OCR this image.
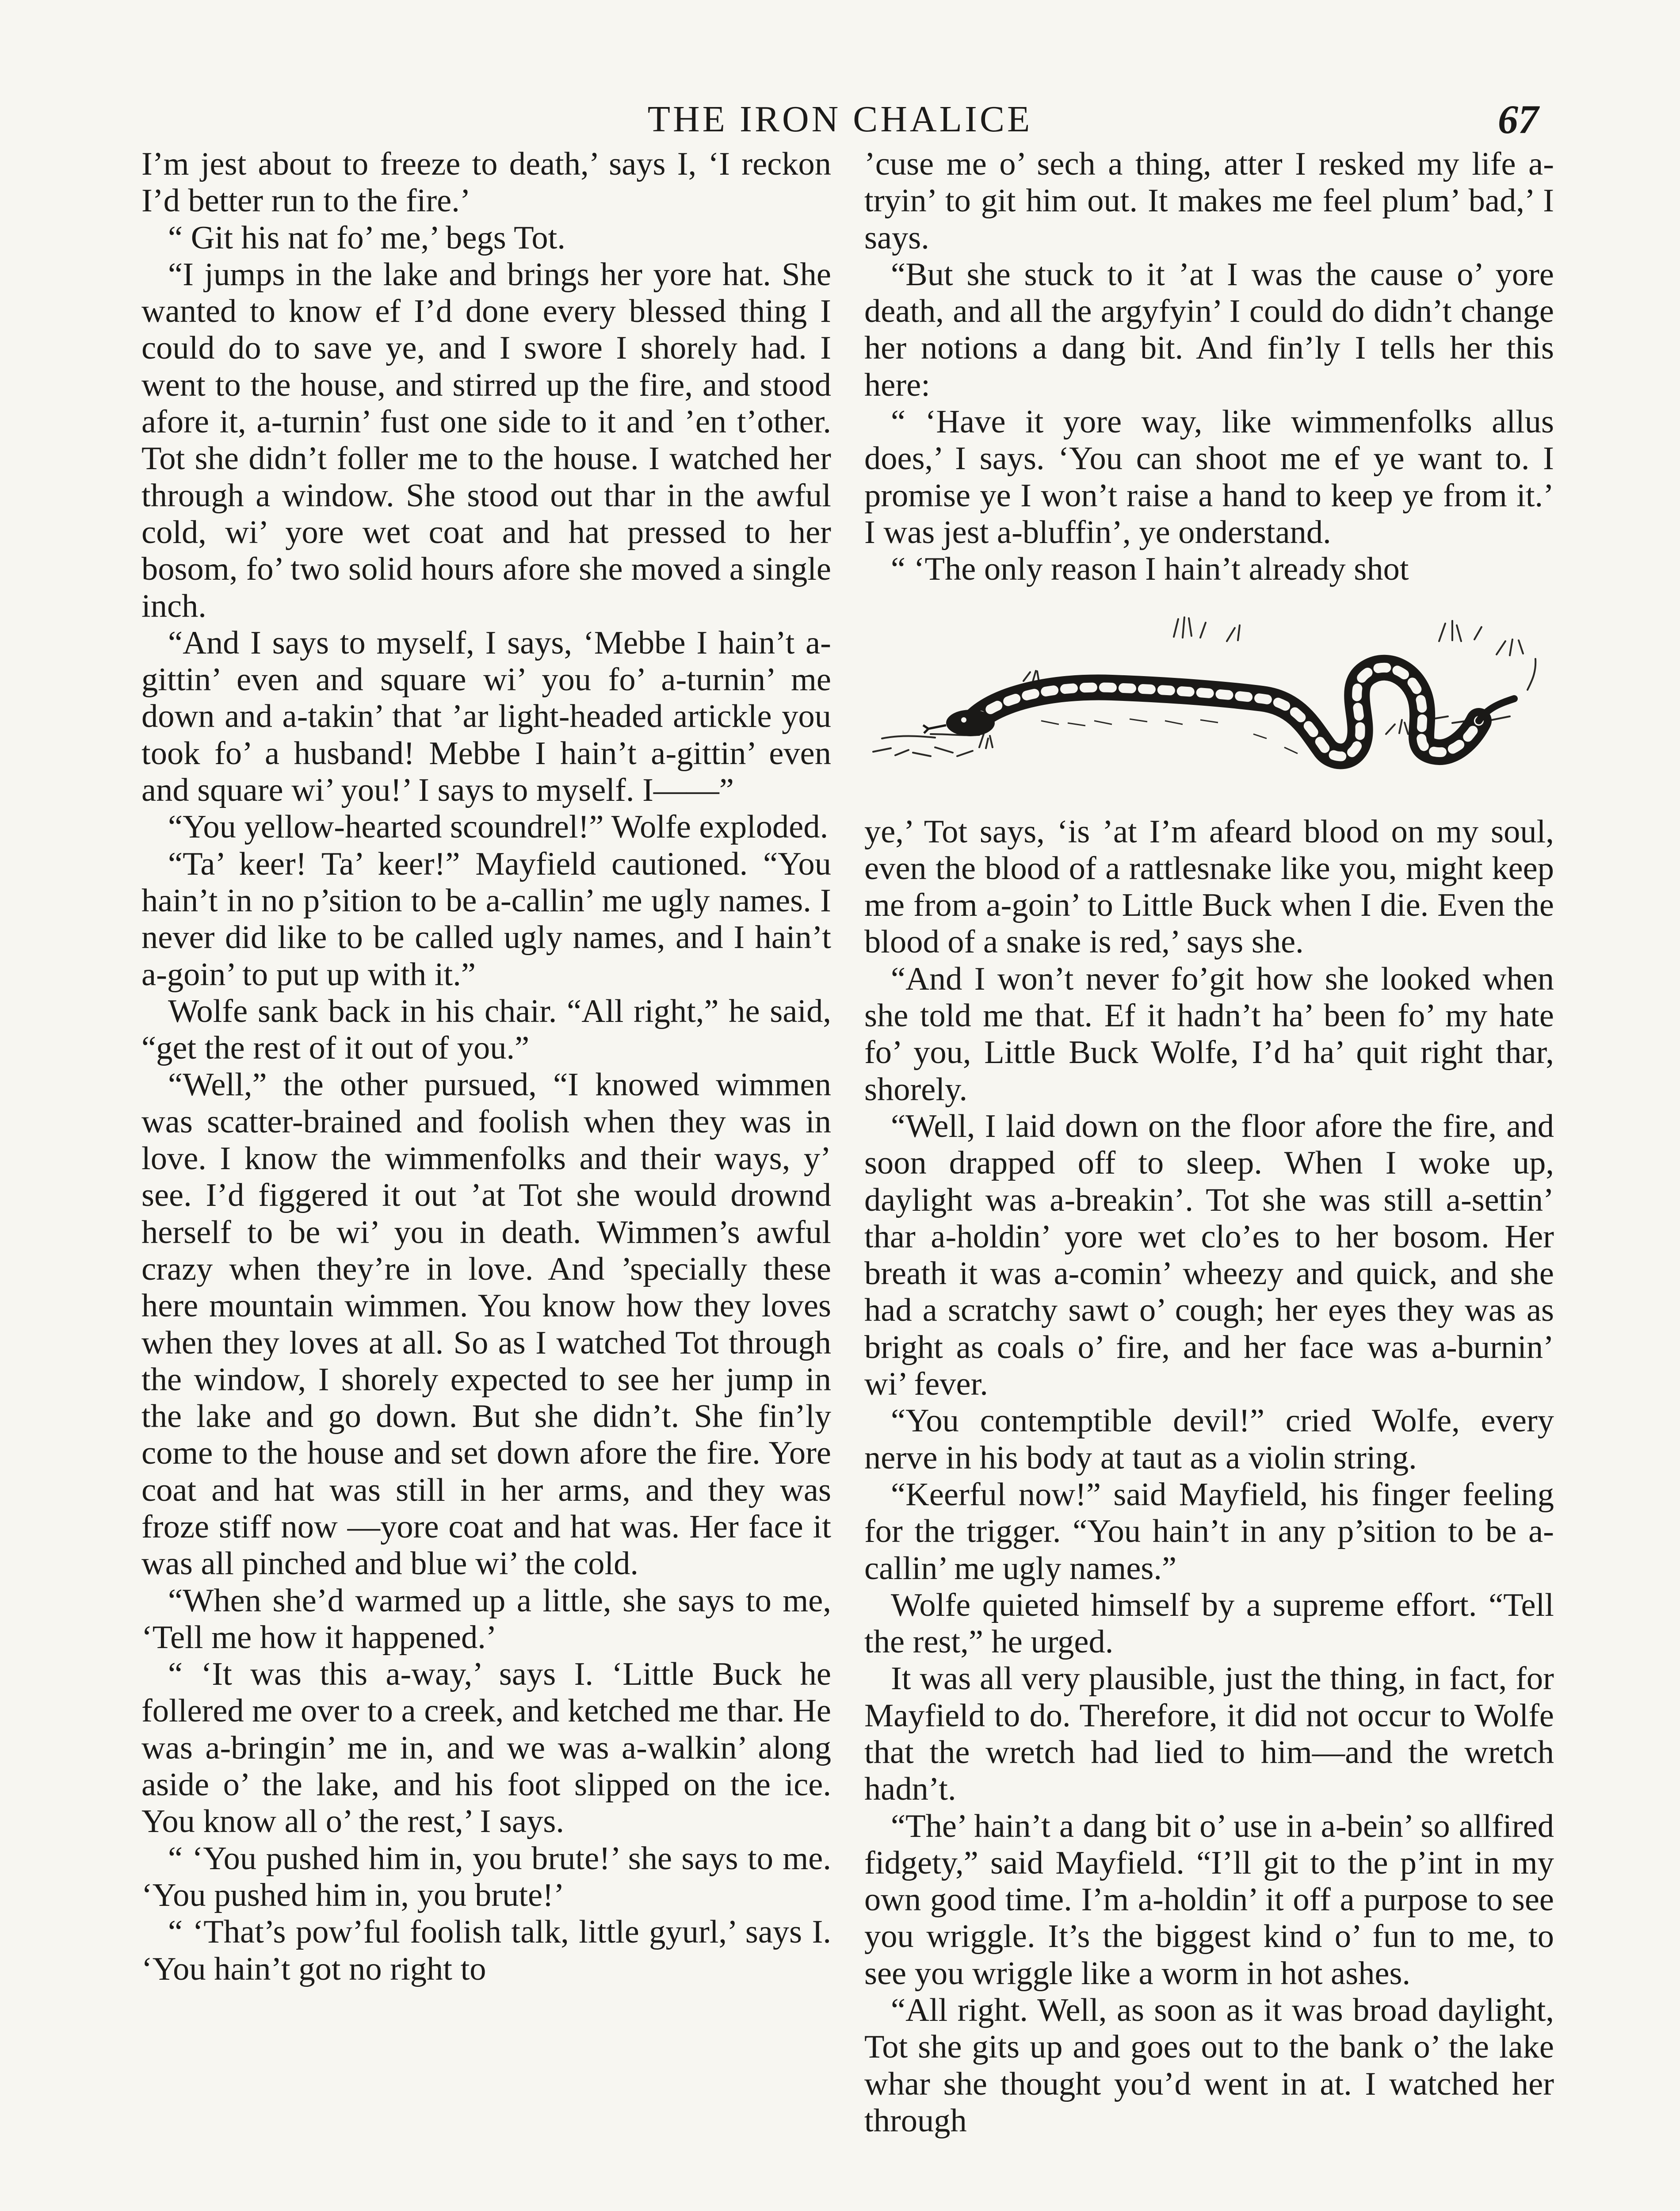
THE IRON CHALICE	67

I’m jest about to freeze to death,’ says I, ‘I reckon I’d better run to the fire.’

“ Git his nat fo’ me,’ begs Tot.

“I jumps in the lake and brings her yore hat. She wanted to know ef I’d done every blessed thing I could do to save ye, and I swore I shorely had. I went to the house, and stirred up the fire, and stood afore it, a-turnin’ fust one side to it and ’en t’other. Tot she didn’t foller me to the house. I watched her through a window. She stood out thar in the awful cold, wi’ yore wet coat and hat pressed to her bosom, fo’ two solid hours afore she moved a single inch.

“And I says to myself, I says, ‘Mebbe I hain’t a-gittin’ even and square wi’ you fo’ a-turnin’ me down and a-takin’ that ’ar light-headed artickle you took fo’ a husband! Mebbe I hain’t a-gittin’ even and square wi’ you!’ I says to myself. I——”

“You yellow-hearted scoundrel!” Wolfe exploded.

“Ta’ keer! Ta’ keer!” Mayfield cautioned. “You hain’t in no p’sition to be a-callin’ me ugly names. I never did like to be called ugly names, and I hain’t a-goin’ to put up with it.”

Wolfe sank back in his chair. “All right,” he said, “get the rest of it out of you.”

“Well,” the other pursued, “I knowed wimmen was scatter-brained and foolish when they was in love. I know the wimmenfolks and their ways, y’ see. I’d figgered it out ’at Tot she would drownd herself to be wi’ you in death. Wimmen’s awful crazy when they’re in love. And ’specially these here mountain wimmen. You know how they loves when they loves at all. So as I watched Tot through the window, I shorely expected to see her jump in the lake and go down. But she didn’t. She fin’ly come to the house and set down afore the fire. Yore coat and hat was still in her arms, and they was froze stiff now —yore coat and hat was. Her face it was all pinched and blue wi’ the cold.

“When she’d warmed up a little, she says to me, ‘Tell me how it happened.’

“ ‘It was this a-way,’ says I. ‘Little Buck he follered me over to a creek, and ketched me thar. He was a-bringin’ me in, and we was a-walkin’ along aside o’ the lake, and his foot slipped on the ice. You know all o’ the rest,’ I says.

“ ‘You pushed him in, you brute!’ she says to me. ‘You pushed him in, you brute!’

“ ‘That’s pow’ful foolish talk, little gyurl,’ says I. ‘You hain’t got no right to

’cuse me o’ sech a thing, atter I resked my life a-tryin’ to git him out. It makes me feel plum’ bad,’ I says.

“But she stuck to it ’at I was the cause o’ yore death, and all the argyfyin’ I could do didn’t change her notions a dang bit. And fin’ly I tells her this here:

“ ‘Have it yore way, like wimmenfolks allus does,’ I says. ‘You can shoot me ef ye want to. I promise ye I won’t raise a hand to keep ye from it.’ I was jest a-bluffin’, ye onderstand.

“ ‘The only reason I hain’t already shot

ye,’ Tot says, ‘is ’at I’m afeard blood on my soul, even the blood of a rattlesnake like you, might keep me from a-goin’ to Little Buck when I die. Even the blood of a snake is red,’ says she.

“And I won’t never fo’git how she looked when she told me that. Ef it hadn’t ha’ been fo’ my hate fo’ you, Little Buck Wolfe, I’d ha’ quit right thar, shorely.

“Well, I laid down on the floor afore the fire, and soon drapped off to sleep. When I woke up, daylight was a-breakin’. Tot she was still a-settin’ thar a-holdin’ yore wet clo’es to her bosom. Her breath it was a-comin’ wheezy and quick, and she had a scratchy sawt o’ cough; her eyes they was as bright as coals o’ fire, and her face was a-burnin’ wi’ fever.

“You contemptible devil!” cried Wolfe, every nerve in his body at taut as a violin string.

“Keerful now!” said Mayfield, his finger feeling for the trigger. “You hain’t in any p’sition to be a-callin’ me ugly names.”

Wolfe quieted himself by a supreme effort. “Tell the rest,” he urged.

It was all very plausible, just the thing, in fact, for Mayfield to do. Therefore, it did not occur to Wolfe that the wretch had lied to him—and the wretch hadn’t.

“The’ hain’t a dang bit o’ use in a-bein’ so allfired fidgety,” said Mayfield. “I’ll git to the p’int in my own good time. I’m a-holdin’ it off a purpose to see you wriggle. It’s the biggest kind o’ fun to me, to see you wriggle like a worm in hot ashes.

“All right. Well, as soon as it was broad daylight, Tot she gits up and goes out to the bank o’ the lake whar she thought you’d went in at. I watched her through
